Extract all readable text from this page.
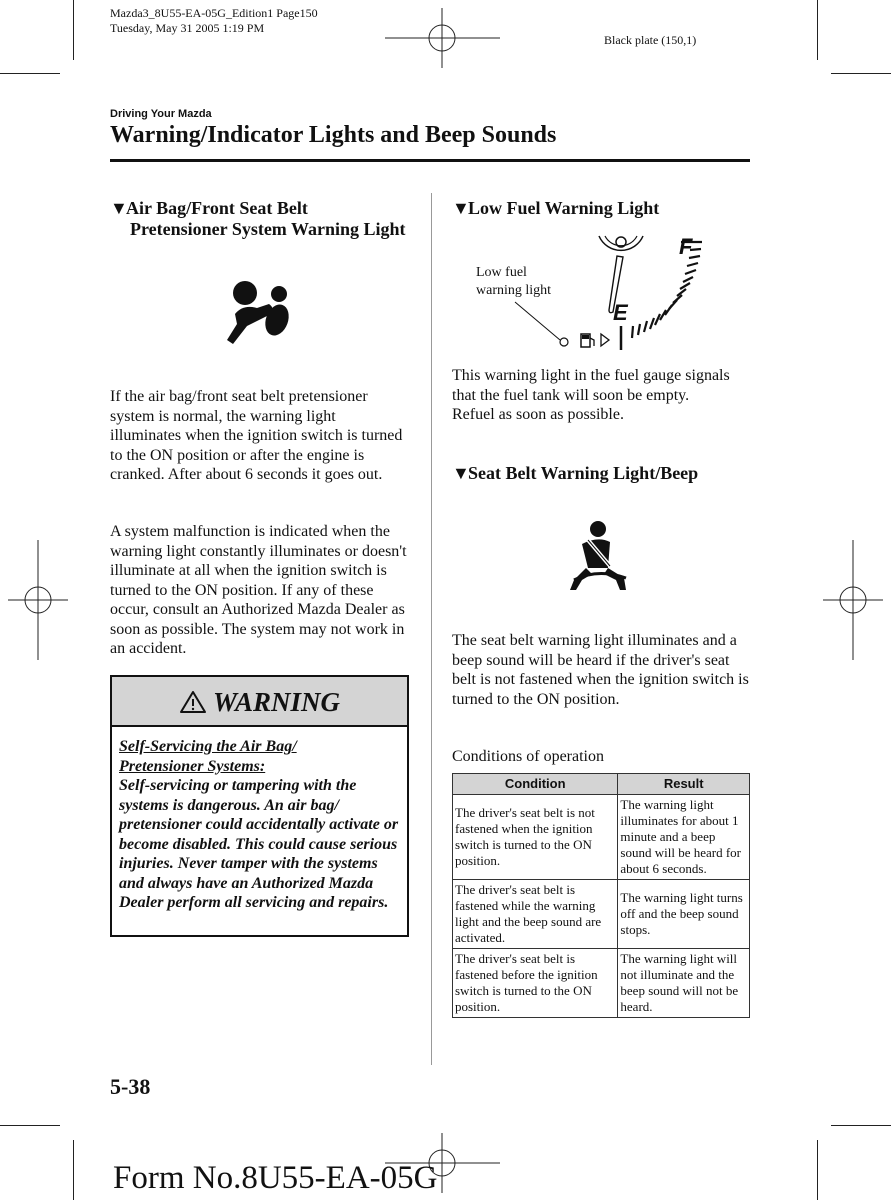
Mazda3_8U55-EA-05G_Edition1 Page150
Tuesday, May 31 2005 1:19 PM
Black plate (150,1)
Driving Your Mazda
Warning/Indicator Lights and Beep Sounds
▼Air Bag/Front Seat Belt
Pretensioner System Warning Light
If the air bag/front seat belt pretensioner system is normal, the warning light illuminates when the ignition switch is turned to the ON position or after the engine is cranked. After about 6 seconds it goes out.
A system malfunction is indicated when the warning light constantly illuminates or doesn't illuminate at all when the ignition switch is turned to the ON position. If any of these occur, consult an Authorized Mazda Dealer as soon as possible. The system may not work in an accident.
WARNING
Self-Servicing the Air Bag/
Pretensioner Systems:
Self-servicing or tampering with the systems is dangerous. An air bag/ pretensioner could accidentally activate or become disabled. This could cause serious injuries. Never tamper with the systems and always have an Authorized Mazda Dealer perform all servicing and repairs.
▼Low Fuel Warning Light
Low fuel
warning light
E
F
This warning light in the fuel gauge signals that the fuel tank will soon be empty.
Refuel as soon as possible.
▼Seat Belt Warning Light/Beep
The seat belt warning light illuminates and a beep sound will be heard if the driver's seat belt is not fastened when the ignition switch is turned to the ON position.
Conditions of operation
Condition	Result
The driver's seat belt is not fastened when the ignition switch is turned to the ON position.	The warning light illuminates for about 1 minute and a beep sound will be heard for about 6 seconds.
The driver's seat belt is fastened while the warning light and the beep sound are activated.	The warning light turns off and the beep sound stops.
The driver's seat belt is fastened before the ignition switch is turned to the ON position.	The warning light will not illuminate and the beep sound will not be heard.
5-38
Form No.8U55-EA-05G
